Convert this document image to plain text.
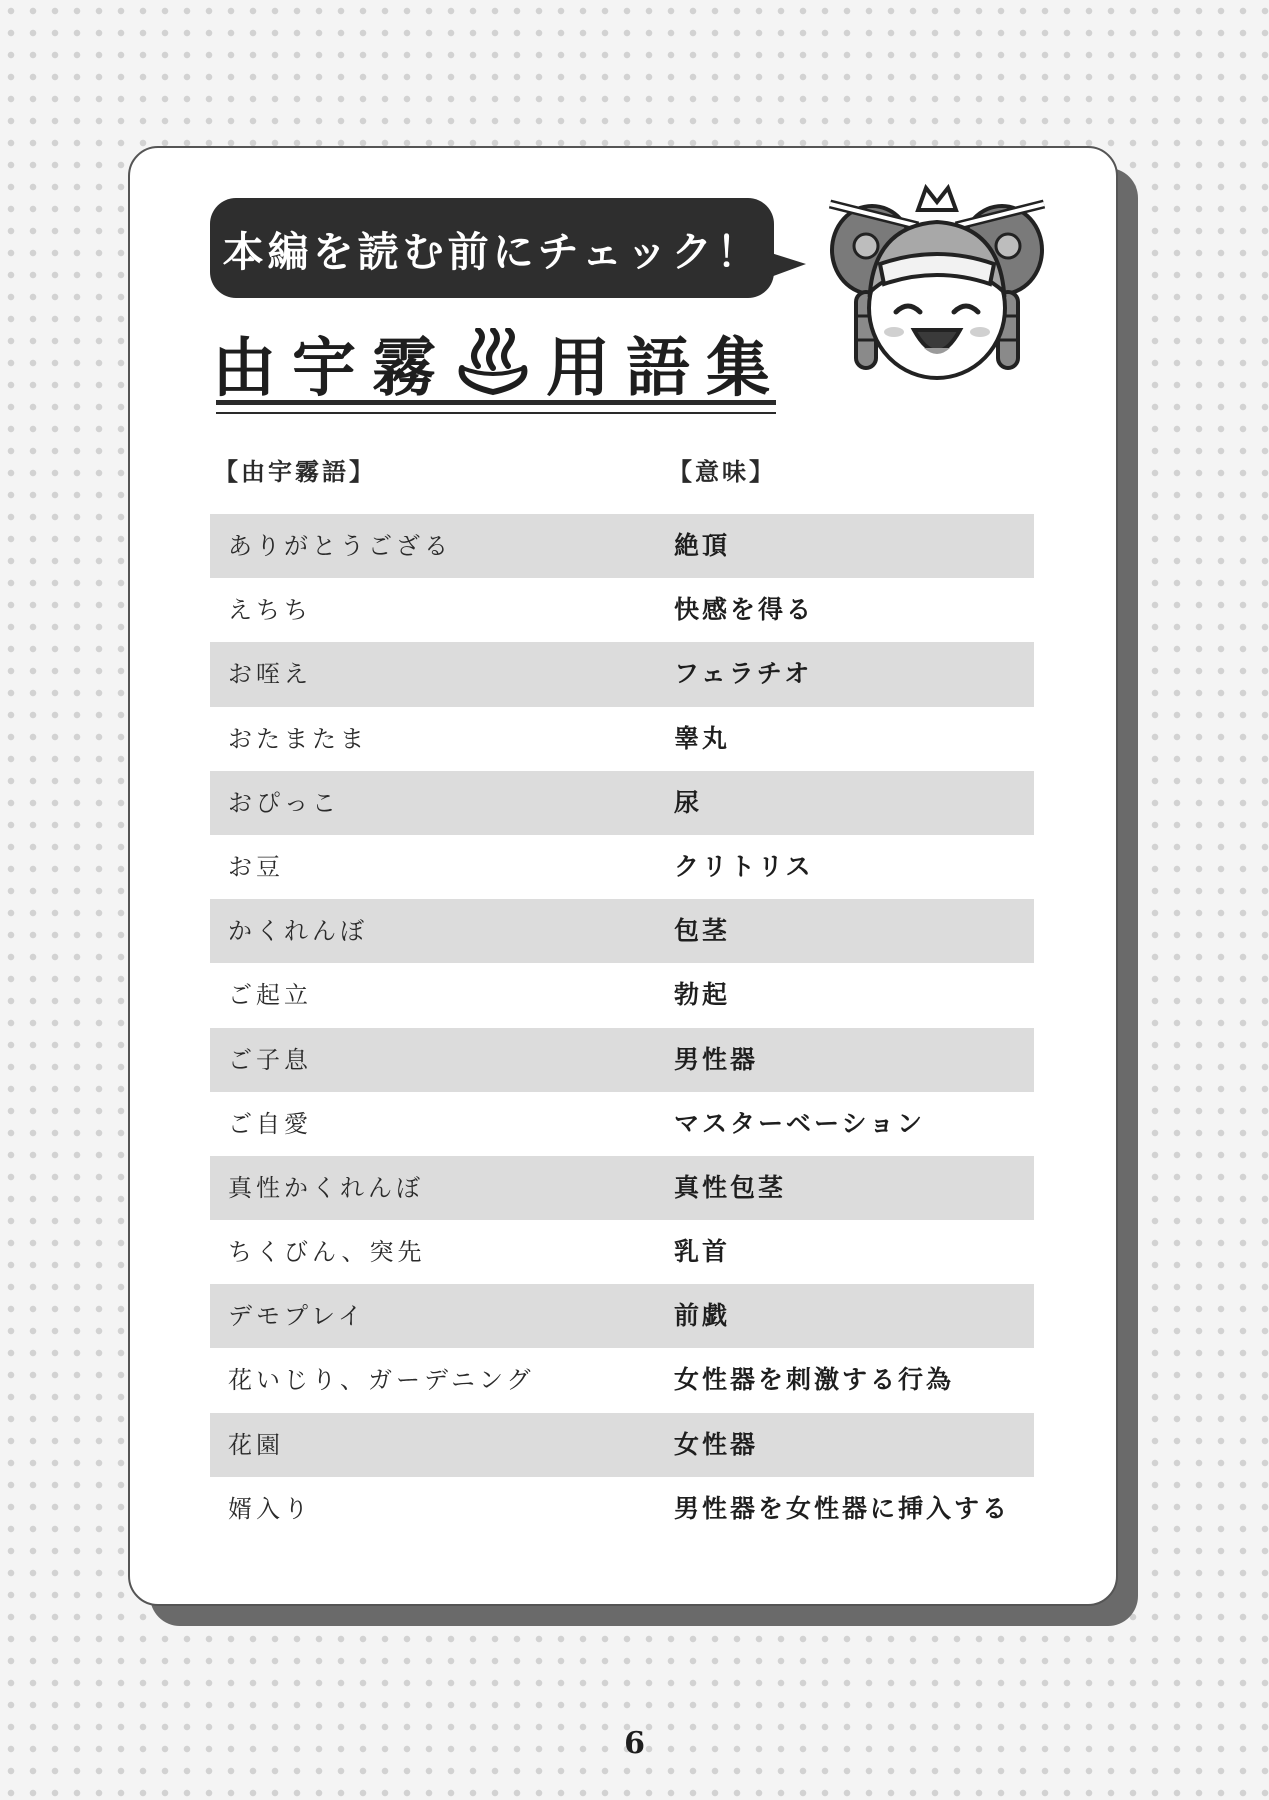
本編を読む前にチェック！
由宇霧 用語集
【由宇霧語】	【意味】
ありがとうござる	絶頂
えちち	快感を得る
お咥え	フェラチオ
おたまたま	睾丸
おぴっこ	尿
お豆	クリトリス
かくれんぼ	包茎
ご起立	勃起
ご子息	男性器
ご自愛	マスターベーション
真性かくれんぼ	真性包茎
ちくびん、突先	乳首
デモプレイ	前戯
花いじり、ガーデニング	女性器を刺激する行為
花園	女性器
婿入り	男性器を女性器に挿入する
6
